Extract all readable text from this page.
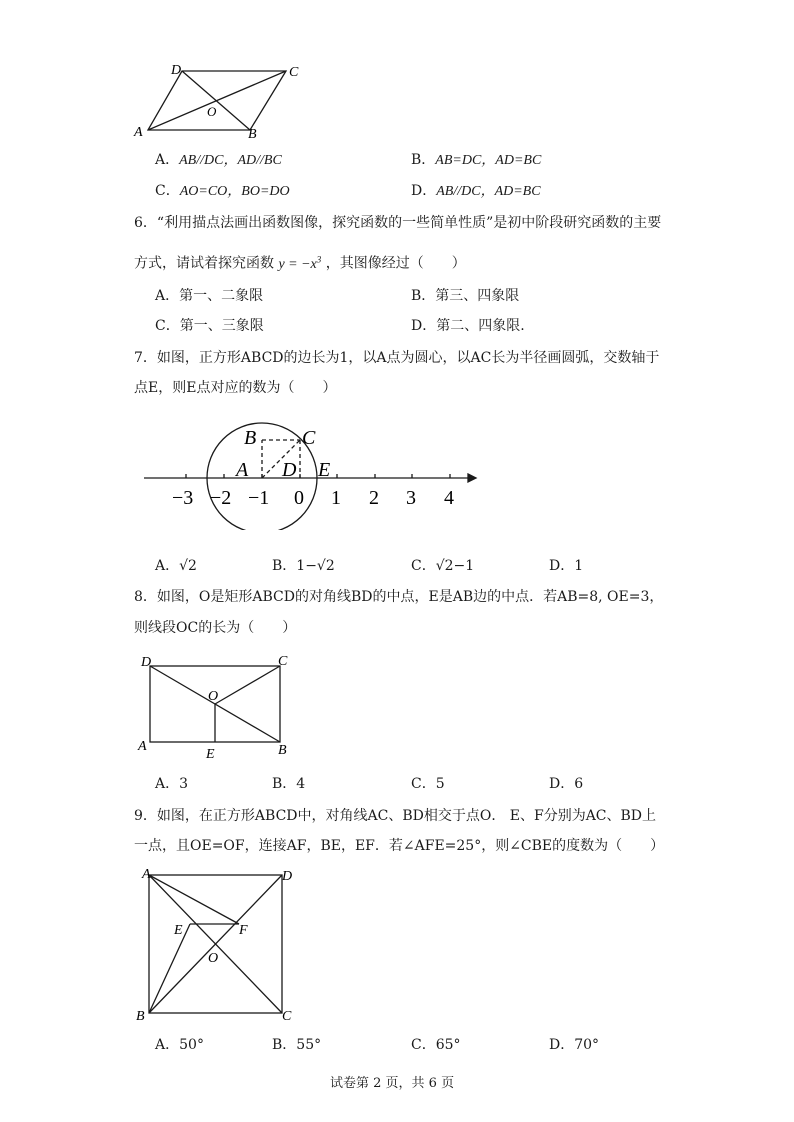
D	C
O
A	B
A．AB//DC，AD//BC	B．AB=DC，AD=BC
C．AO=CO，BO=DO	D．AB//DC，AD=BC
6．“利用描点法画出函数图像，探究函数的一些简单性质”是初中阶段研究函数的主要
方式，请试着探究函数 $y = -x^3$ ，其图像经过（　　）
A．第一、二象限	B．第三、四象限
C．第一、三象限	D．第二、四象限.
7．如图，正方形ABCD的边长为1，以A点为圆心，以AC长为半径画圆弧，交数轴于
点E，则E点对应的数为（　　）
B C
A D E
−3 −2 −1 0 1 2 3 4
A．√2	B．1−√2	C．√2−1	D．1
8．如图，O是矩形ABCD的对角线BD的中点，E是AB边的中点．若AB=8, OE=3，
则线段OC的长为（　　）
D	C
O
A
E	B
A．3	B．4	C．5	D．6
9．如图，在正方形ABCD中，对角线AC、BD相交于点O． E、F分别为AC、BD上
一点，且OE=OF，连接AF，BE，EF．若∠AFE=25°，则∠CBE的度数为（　　）
A	D
E	F
O
B	C
A．50°	B．55°	C．65°	D．70°
试卷第 2 页，共 6 页
